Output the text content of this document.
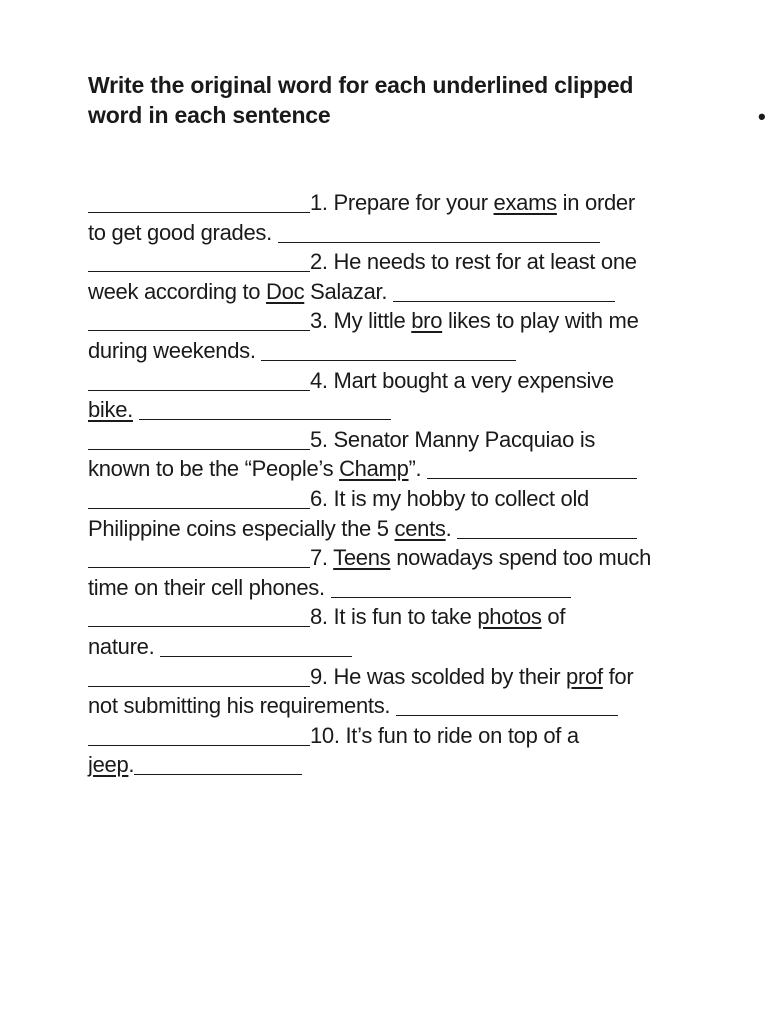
Write the original word for each underlined clipped
word in each sentence	•
1. Prepare for your exams in order
to get good grades.
2. He needs to rest for at least one
week according to Doc Salazar.
3. My little bro likes to play with me
during weekends.
4. Mart bought a very expensive
bike.
5. Senator Manny Pacquiao is
known to be the “People’s Champ”.
6. It is my hobby to collect old
Philippine coins especially the 5 cents.
7. Teens nowadays spend too much
time on their cell phones.
8. It is fun to take photos of
nature.
9. He was scolded by their prof for
not submitting his requirements.
10. It’s fun to ride on top of a
jeep.
